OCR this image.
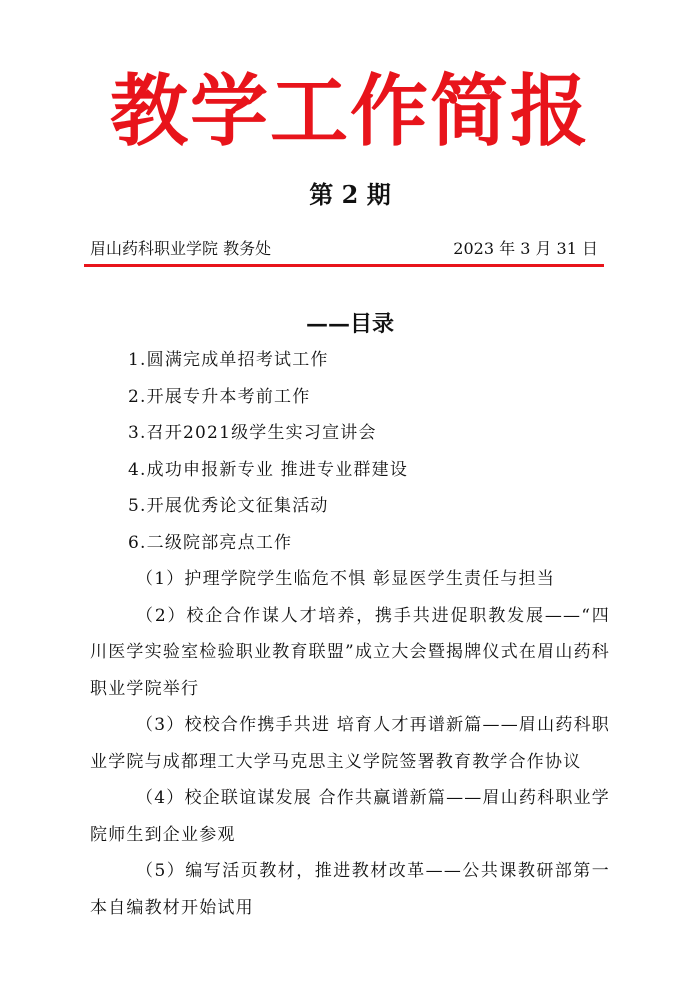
教学工作简报
第 2 期
眉山药科职业学院 教务处	2023 年 3 月 31 日
——目录
1.圆满完成单招考试工作
2.开展专升本考前工作
3.召开2021级学生实习宣讲会
4.成功申报新专业 推进专业群建设
5.开展优秀论文征集活动
6.二级院部亮点工作
（1）护理学院学生临危不惧 彰显医学生责任与担当
（2）校企合作谋人才培养，携手共进促职教发展——“四川医学实验室检验职业教育联盟”成立大会暨揭牌仪式在眉山药科职业学院举行
（3）校校合作携手共进 培育人才再谱新篇——眉山药科职业学院与成都理工大学马克思主义学院签署教育教学合作协议
（4）校企联谊谋发展 合作共赢谱新篇——眉山药科职业学院师生到企业参观
（5）编写活页教材，推进教材改革——公共课教研部第一本自编教材开始试用
